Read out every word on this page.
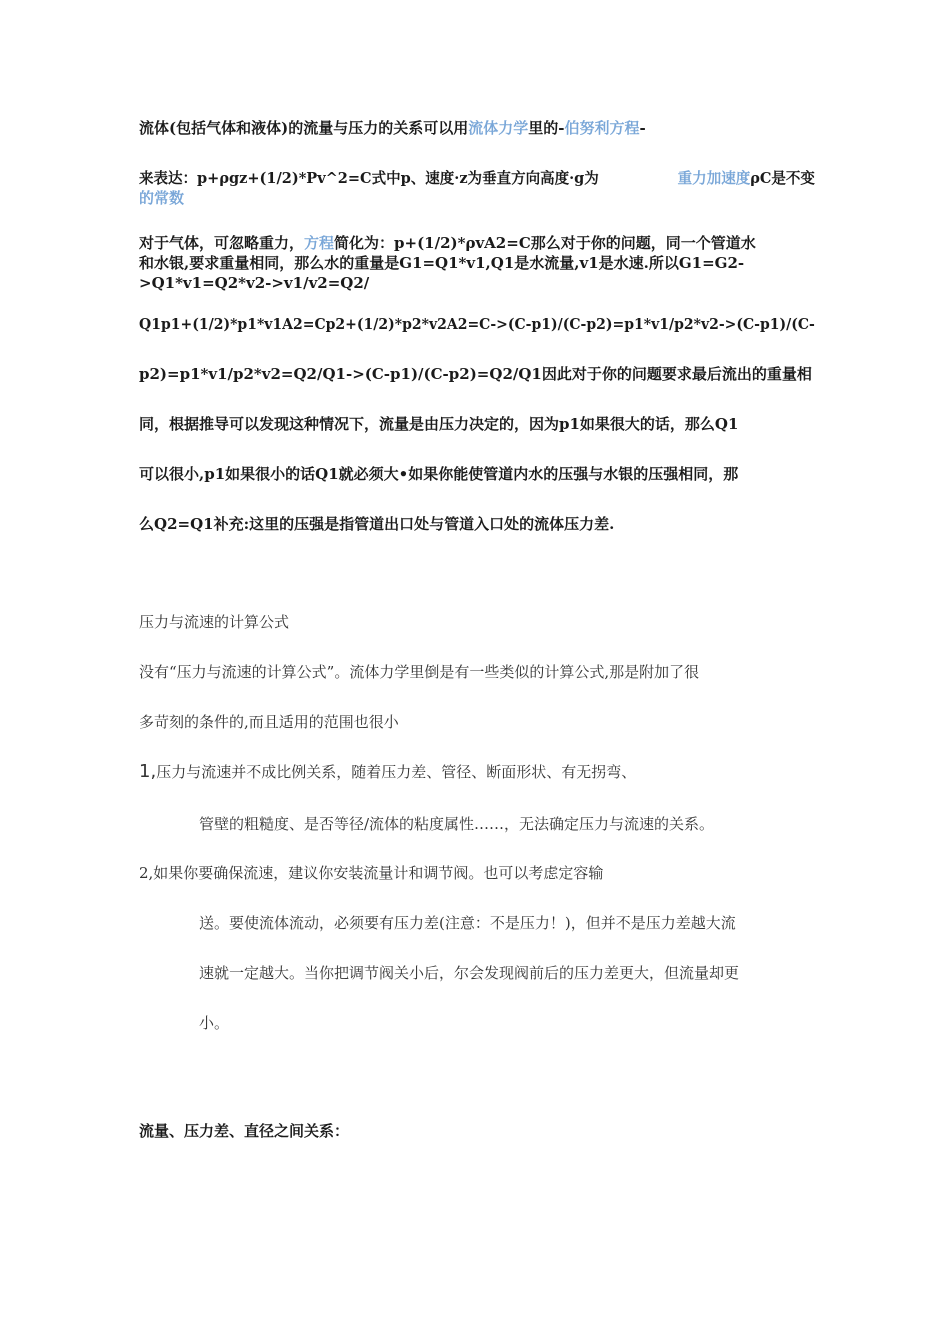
流体(包括气体和液体)的流量与压力的关系可以用流体力学里的-伯努利方程-
来表达：p+ρgz+(1/2)*Pv^2=C式中p、速度·z为垂直方向高度·g为	重力加速度ρC是不变
的常数
对于气体，可忽略重力，方程简化为：p+(1/2)*ρvA2=C那么对于你的问题，同一个管道水
和水银,要求重量相同，那么水的重量是G1=Q1*v1,Q1是水流量,v1是水速.所以G1=G2-
>Q1*v1=Q2*v2->v1/v2=Q2/
Q1p1+(1/2)*p1*v1A2=Cp2+(1/2)*p2*v2A2=C->(C-p1)/(C-p2)=p1*v1/p2*v2->(C-p1)/(C-
p2)=p1*v1/p2*v2=Q2/Q1->(C-p1)/(C-p2)=Q2/Q1因此对于你的问题要求最后流出的重量相
同，根据推导可以发现这种情况下，流量是由压力决定的，因为p1如果很大的话，那么Q1
可以很小,p1如果很小的话Q1就必须大•如果你能使管道内水的压强与水银的压强相同，那
么Q2=Q1补充:这里的压强是指管道出口处与管道入口处的流体压力差.
压力与流速的计算公式
没有“压力与流速的计算公式”。流体力学里倒是有一些类似的计算公式,那是附加了很
多苛刻的条件的,而且适用的范围也很小
1,压力与流速并不成比例关系，随着压力差、管径、断面形状、有无拐弯、
管壁的粗糙度、是否等径/流体的粘度属性……，无法确定压力与流速的关系。
2,如果你要确保流速，建议你安装流量计和调节阀。也可以考虑定容输
送。要使流体流动，必须要有压力差(注意：不是压力！)，但并不是压力差越大流
速就一定越大。当你把调节阀关小后，尔会发现阀前后的压力差更大，但流量却更
小。
流量、压力差、直径之间关系：
